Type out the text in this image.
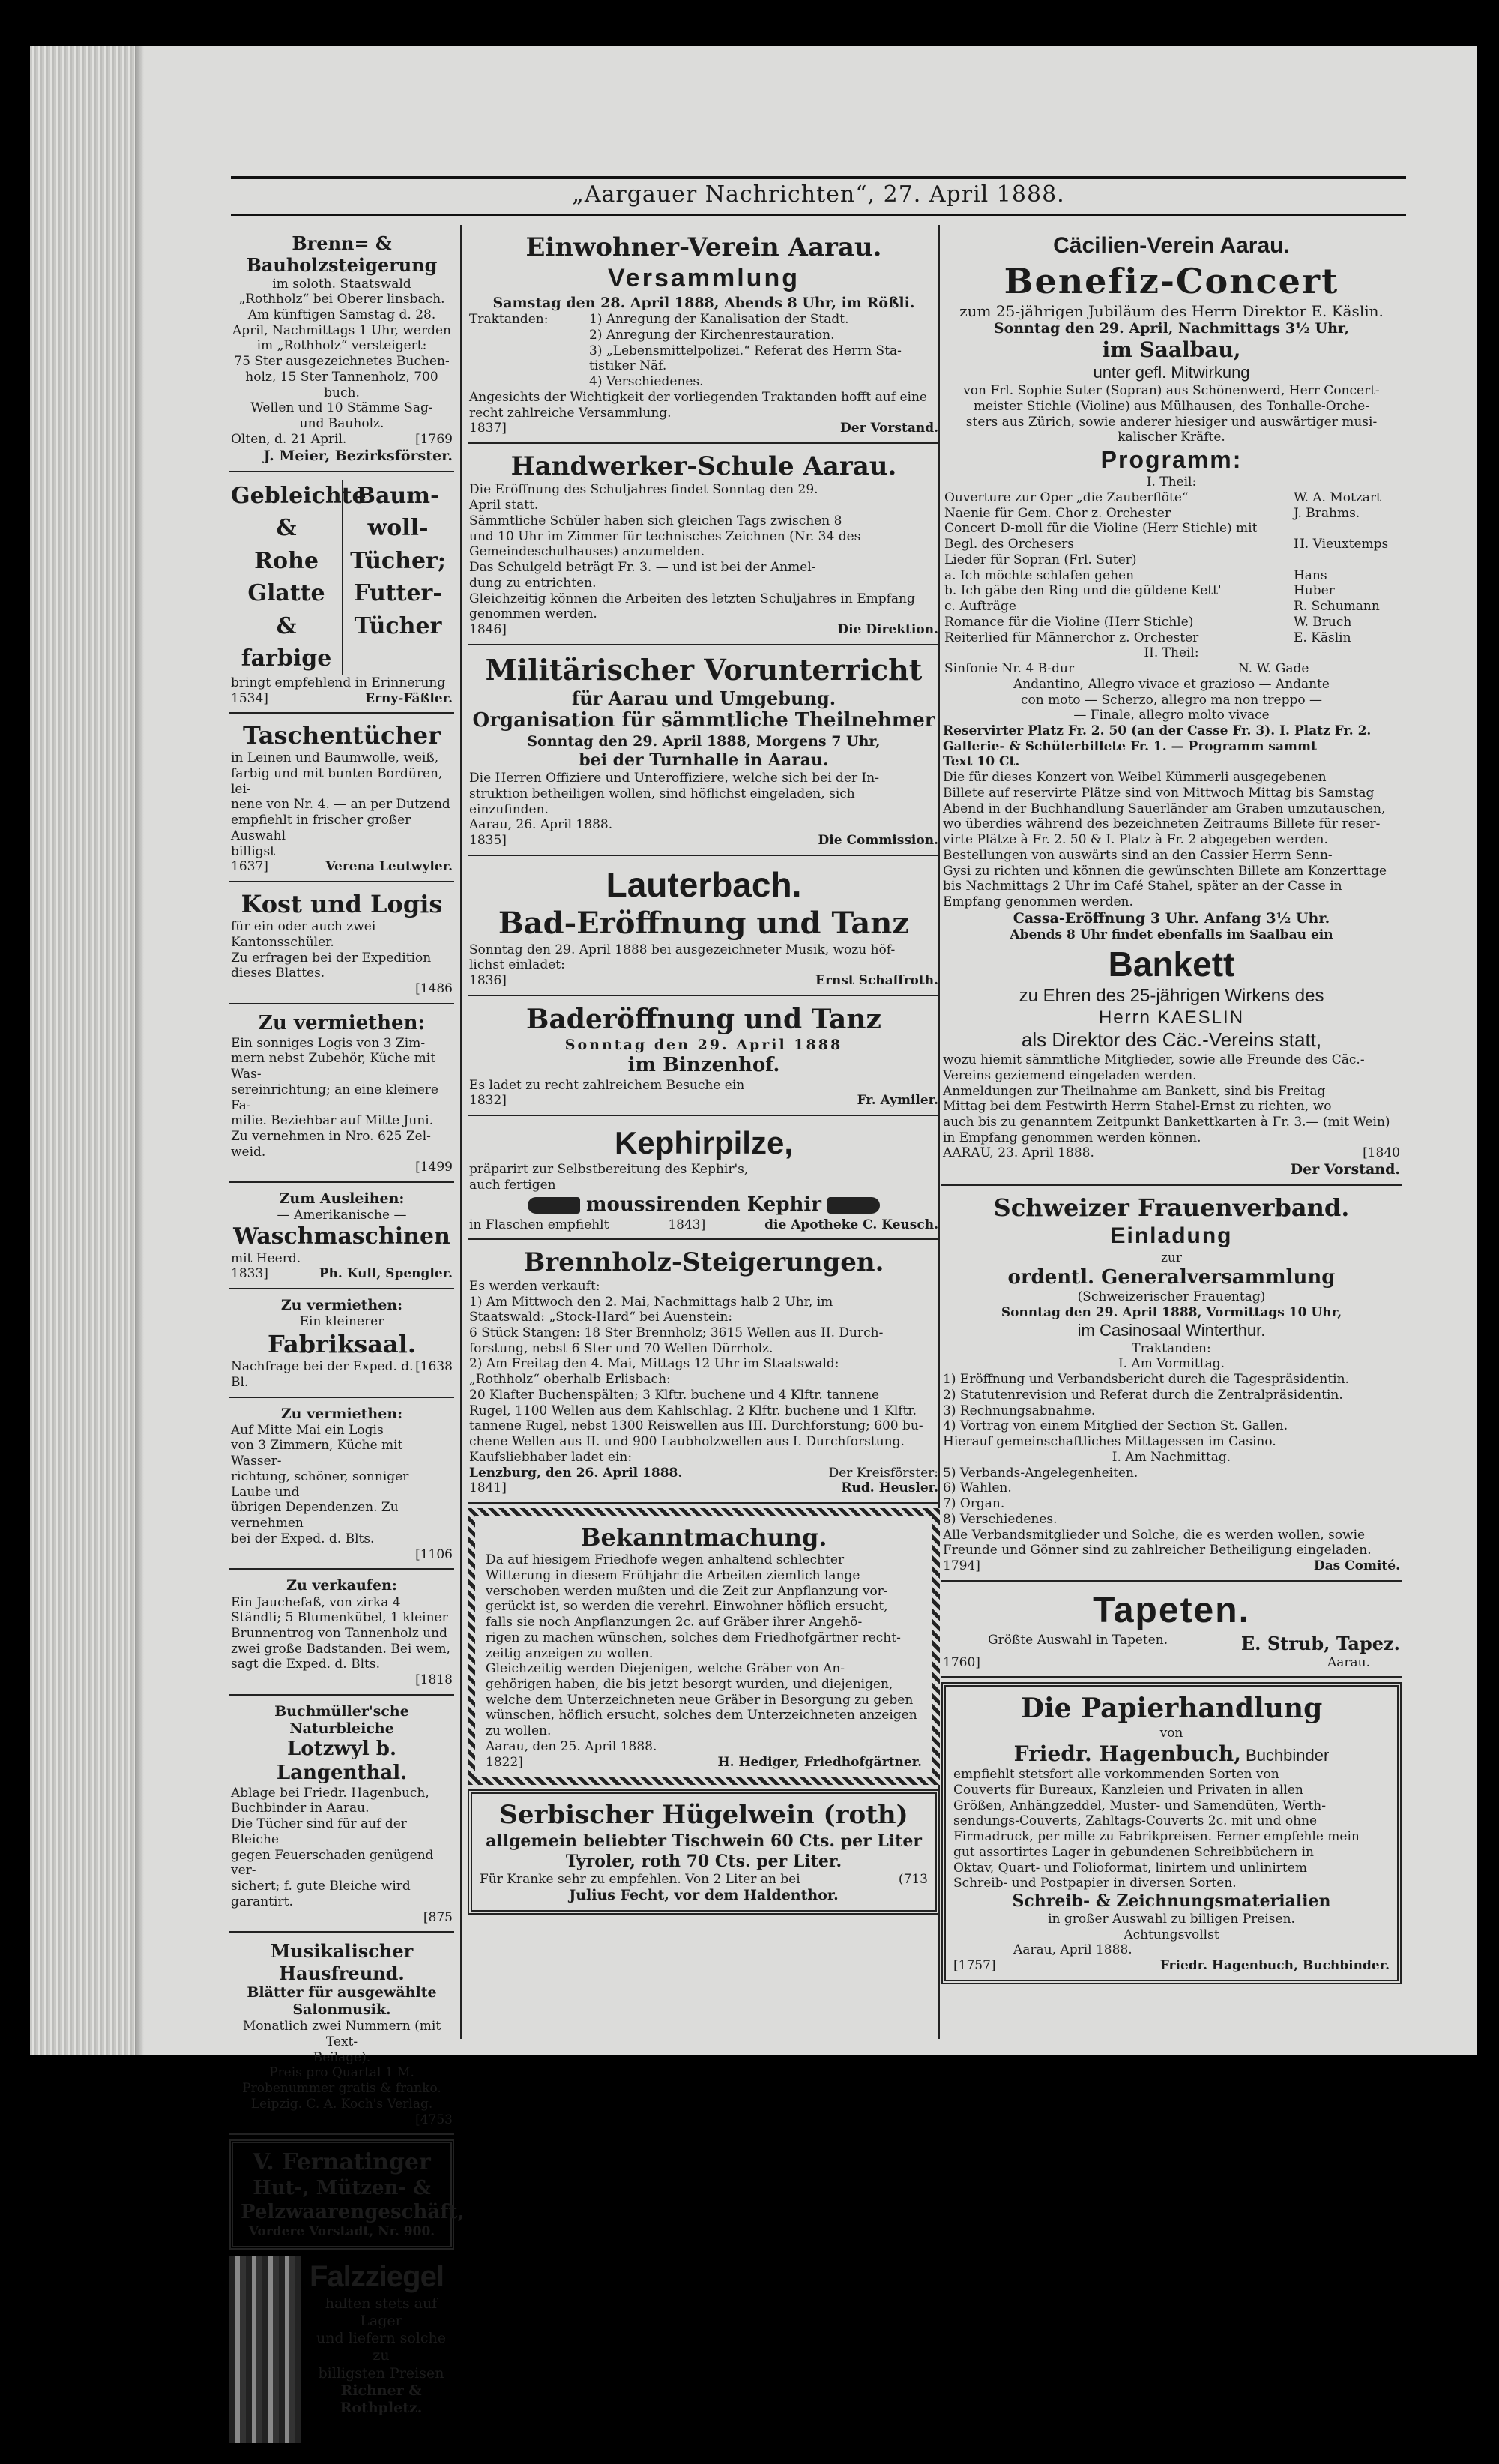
„Aargauer Nachrichten“, 27. April 1888.
Brenn= & Bauholzsteigerung
im soloth. Staatswald
„Rothholz“ bei Oberer linsbach.
Am künftigen Samstag d. 28.
April, Nachmittags 1 Uhr, werden
im „Rothholz“ versteigert:
75 Ster ausgezeichnetes Buchen-
holz, 15 Ster Tannenholz, 700 buch.
Wellen und 10 Stämme Sag-
und Bauholz.
Olten, d. 21 April.	[1769
J. Meier, Bezirksförster.
Gebleichte
&
Rohe
Glatte
&
farbige
Baum-
woll-
Tücher;
Futter-
Tücher
bringt empfehlend in Erinnerung
1534]	Erny-Fäßler.
Taschentücher
in Leinen und Baumwolle, weiß,
farbig und mit bunten Bordüren, lei-
nene von Nr. 4. — an per Dutzend
empfiehlt in frischer großer Auswahl
billigst
1637]	Verena Leutwyler.
Kost und Logis
für ein oder auch zwei Kantonsschüler.
Zu erfragen bei der Expedition
dieses Blattes.
[1486
Zu vermiethen:
Ein sonniges Logis von 3 Zim-
mern nebst Zubehör, Küche mit Was-
sereinrichtung; an eine kleinere Fa-
milie. Beziehbar auf Mitte Juni.
Zu vernehmen in Nro. 625 Zel-
weid.
[1499
Zum Ausleihen:
— Amerikanische —
Waschmaschinen
mit Heerd.
1833]	Ph. Kull, Spengler.
Zu vermiethen:
Ein kleinerer
Fabriksaal.
Nachfrage bei der Exped. d. Bl.
[1638
Zu vermiethen:
Auf Mitte Mai ein Logis
von 3 Zimmern, Küche mit Wasser-
richtung, schöner, sonniger Laube und
übrigen Dependenzen. Zu vernehmen
bei der Exped. d. Blts.
[1106
Zu verkaufen:
Ein Jauchefaß, von zirka 4
Ständli; 5 Blumenkübel, 1 kleiner
Brunnentrog von Tannenholz und
zwei große Badstanden. Bei wem,
sagt die Exped. d. Blts.
[1818
Buchmüller'sche Naturbleiche
Lotzwyl b. Langenthal.
Ablage bei Friedr. Hagenbuch,
Buchbinder in Aarau.
Die Tücher sind für auf der Bleiche
gegen Feuerschaden genügend ver-
sichert; f. gute Bleiche wird garantirt.
[875
Musikalischer Hausfreund.
Blätter für ausgewählte Salonmusik.
Monatlich zwei Nummern (mit Text-
Beilage).
Preis pro Quartal 1 M.
Probenummer gratis & franko.
Leipzig. C. A. Koch's Verlag.
[4753
V. Fernatinger
Hut-, Mützen- &
Pelzwaarengeschäft,
Vordere Vorstadt, Nr. 900.
Falzziegel
halten stets auf Lager
und liefern solche zu
billigsten Preisen
Richner & Rothpletz.
Einwohner-Verein Aarau.
Versammlung
Samstag den 28. April 1888, Abends 8 Uhr, im Rößli.
Traktanden:	1) Anregung der Kanalisation der Stadt.
2) Anregung der Kirchenrestauration.
3) „Lebensmittelpolizei.“ Referat des Herrn Sta-
tistiker Näf.
4) Verschiedenes.
Angesichts der Wichtigkeit der vorliegenden Traktanden hofft auf eine recht zahlreiche Versammlung.
1837]	Der Vorstand.
Handwerker-Schule Aarau.
Die Eröffnung des Schuljahres findet Sonntag den 29.
April statt.
Sämmtliche Schüler haben sich gleichen Tags zwischen 8
und 10 Uhr im Zimmer für technisches Zeichnen (Nr. 34 des
Gemeindeschulhauses) anzumelden.
Das Schulgeld beträgt Fr. 3. — und ist bei der Anmel-
dung zu entrichten.
Gleichzeitig können die Arbeiten des letzten Schuljahres in Empfang
genommen werden.
1846]	Die Direktion.
Militärischer Vorunterricht
für Aarau und Umgebung.
Organisation für sämmtliche Theilnehmer
Sonntag den 29. April 1888, Morgens 7 Uhr,
bei der Turnhalle in Aarau.
Die Herren Offiziere und Unteroffiziere, welche sich bei der In-
struktion betheiligen wollen, sind höflichst eingeladen, sich einzufinden.
Aarau, 26. April 1888.
1835]	Die Commission.
Lauterbach.
Bad-Eröffnung und Tanz
Sonntag den 29. April 1888 bei ausgezeichneter Musik, wozu höf-
lichst einladet:
1836]	Ernst Schaffroth.
Baderöffnung und Tanz
Sonntag den 29. April 1888
im Binzenhof.
Es ladet zu recht zahlreichem Besuche ein
1832]	Fr. Aymiler.
Kephirpilze,
präparirt zur Selbstbereitung des Kephir's,
auch fertigen
moussirenden Kephir
in Flaschen empfiehlt	1843]	die Apotheke C. Keusch.
Brennholz-Steigerungen.
Es werden verkauft:
1) Am Mittwoch den 2. Mai, Nachmittags halb 2 Uhr, im
Staatswald: „Stock-Hard“ bei Auenstein:
6 Stück Stangen: 18 Ster Brennholz; 3615 Wellen aus II. Durch-
forstung, nebst 6 Ster und 70 Wellen Dürrholz.
2) Am Freitag den 4. Mai, Mittags 12 Uhr im Staatswald:
„Rothholz“ oberhalb Erlisbach:
20 Klafter Buchenspälten; 3 Klftr. buchene und 4 Klftr. tannene
Rugel, 1100 Wellen aus dem Kahlschlag. 2 Klftr. buchene und 1 Klftr.
tannene Rugel, nebst 1300 Reiswellen aus III. Durchforstung; 600 bu-
chene Wellen aus II. und 900 Laubholzwellen aus I. Durchforstung.
Kaufsliebhaber ladet ein:
Lenzburg, den 26. April 1888.	Der Kreisförster:
1841]	Rud. Heusler.
Bekanntmachung.
Da auf hiesigem Friedhofe wegen anhaltend schlechter
Witterung in diesem Frühjahr die Arbeiten ziemlich lange
verschoben werden mußten und die Zeit zur Anpflanzung vor-
gerückt ist, so werden die verehrl. Einwohner höflich ersucht,
falls sie noch Anpflanzungen 2c. auf Gräber ihrer Angehö-
rigen zu machen wünschen, solches dem Friedhofgärtner recht-
zeitig anzeigen zu wollen.
Gleichzeitig werden Diejenigen, welche Gräber von An-
gehörigen haben, die bis jetzt besorgt wurden, und diejenigen,
welche dem Unterzeichneten neue Gräber in Besorgung zu geben
wünschen, höflich ersucht, solches dem Unterzeichneten anzeigen
zu wollen.
Aarau, den 25. April 1888.
1822]	H. Hediger, Friedhofgärtner.
Serbischer Hügelwein (roth)
allgemein beliebter Tischwein 60 Cts. per Liter
Tyroler, roth 70 Cts. per Liter.
Für Kranke sehr zu empfehlen. Von 2 Liter an bei	(713
Julius Fecht, vor dem Haldenthor.
Cäcilien-Verein Aarau.
Benefiz-Concert
zum 25-jährigen Jubiläum des Herrn Direktor E. Käslin.
Sonntag den 29. April, Nachmittags 3½ Uhr,
im Saalbau,
unter gefl. Mitwirkung
von Frl. Sophie Suter (Sopran) aus Schönenwerd, Herr Concert-
meister Stichle (Violine) aus Mülhausen, des Tonhalle-Orche-
sters aus Zürich, sowie anderer hiesiger und auswärtiger musi-
kalischer Kräfte.
Programm:
I. Theil:
Ouverture zur Oper „die Zauberflöte“	W. A. Motzart
Naenie für Gem. Chor z. Orchester	J. Brahms.
Concert D-moll für die Violine (Herr Stichle) mit	
Begl. des Orchesers	H. Vieuxtemps
Lieder für Sopran (Frl. Suter)	
a. Ich möchte schlafen gehen	Hans
b. Ich gäbe den Ring und die güldene Kett'	Huber
c. Aufträge	R. Schumann
Romance für die Violine (Herr Stichle)	W. Bruch
Reiterlied für Männerchor z. Orchester	E. Käslin
II. Theil:
Sinfonie Nr. 4 B-dur	N. W. Gade
Andantino, Allegro vivace et grazioso — Andante
con moto — Scherzo, allegro ma non treppo —
— Finale, allegro molto vivace
Reservirter Platz Fr. 2. 50 (an der Casse Fr. 3). I. Platz Fr. 2.
Gallerie- & Schülerbillete Fr. 1. — Programm sammt
Text 10 Ct.
Die für dieses Konzert von Weibel Kümmerli ausgegebenen
Billete auf reservirte Plätze sind von Mittwoch Mittag bis Samstag
Abend in der Buchhandlung Sauerländer am Graben umzutauschen,
wo überdies während des bezeichneten Zeitraums Billete für reser-
virte Plätze à Fr. 2. 50 & I. Platz à Fr. 2 abgegeben werden.
Bestellungen von auswärts sind an den Cassier Herrn Senn-
Gysi zu richten und können die gewünschten Billete am Konzerttage
bis Nachmittags 2 Uhr im Café Stahel, später an der Casse in
Empfang genommen werden.
Cassa-Eröffnung 3 Uhr. Anfang 3½ Uhr.
Abends 8 Uhr findet ebenfalls im Saalbau ein
Bankett
zu Ehren des 25-jährigen Wirkens des
Herrn KAESLIN
als Direktor des Cäc.-Vereins statt,
wozu hiemit sämmtliche Mitglieder, sowie alle Freunde des Cäc.-
Vereins geziemend eingeladen werden.
Anmeldungen zur Theilnahme am Bankett, sind bis Freitag
Mittag bei dem Festwirth Herrn Stahel-Ernst zu richten, wo
auch bis zu genanntem Zeitpunkt Bankettkarten à Fr. 3.— (mit Wein)
in Empfang genommen werden können.
AARAU, 23. April 1888.	[1840
Der Vorstand.
Schweizer Frauenverband.
Einladung
zur
ordentl. Generalversammlung
(Schweizerischer Frauentag)
Sonntag den 29. April 1888, Vormittags 10 Uhr,
im Casinosaal Winterthur.
Traktanden:
I. Am Vormittag.
1) Eröffnung und Verbandsbericht durch die Tagespräsidentin.
2) Statutenrevision und Referat durch die Zentralpräsidentin.
3) Rechnungsabnahme.
4) Vortrag von einem Mitglied der Section St. Gallen.
Hierauf gemeinschaftliches Mittagessen im Casino.
I. Am Nachmittag.
5) Verbands-Angelegenheiten.
6) Wahlen.
7) Organ.
8) Verschiedenes.
Alle Verbandsmitglieder und Solche, die es werden wollen, sowie Freunde und Gönner sind zu zahlreicher Betheiligung eingeladen.
1794]	Das Comité.
Tapeten.
Größte Auswahl in Tapeten.	E. Strub, Tapez.
1760]	Aarau.
Die Papierhandlung
von
Friedr. Hagenbuch, Buchbinder
empfiehlt stetsfort alle vorkommenden Sorten von
Couverts für Bureaux, Kanzleien und Privaten in allen
Größen, Anhängzeddel, Muster- und Samendüten, Werth-
sendungs-Couverts, Zahltags-Couverts 2c. mit und ohne
Firmadruck, per mille zu Fabrikpreisen. Ferner empfehle mein
gut assortirtes Lager in gebundenen Schreibbüchern in
Oktav, Quart- und Folioformat, linirtem und unlinirtem
Schreib- und Postpapier in diversen Sorten.
Schreib- & Zeichnungsmaterialien
in großer Auswahl zu billigen Preisen.
Achtungsvollst
Aarau, April 1888.
[1757]	Friedr. Hagenbuch, Buchbinder.
